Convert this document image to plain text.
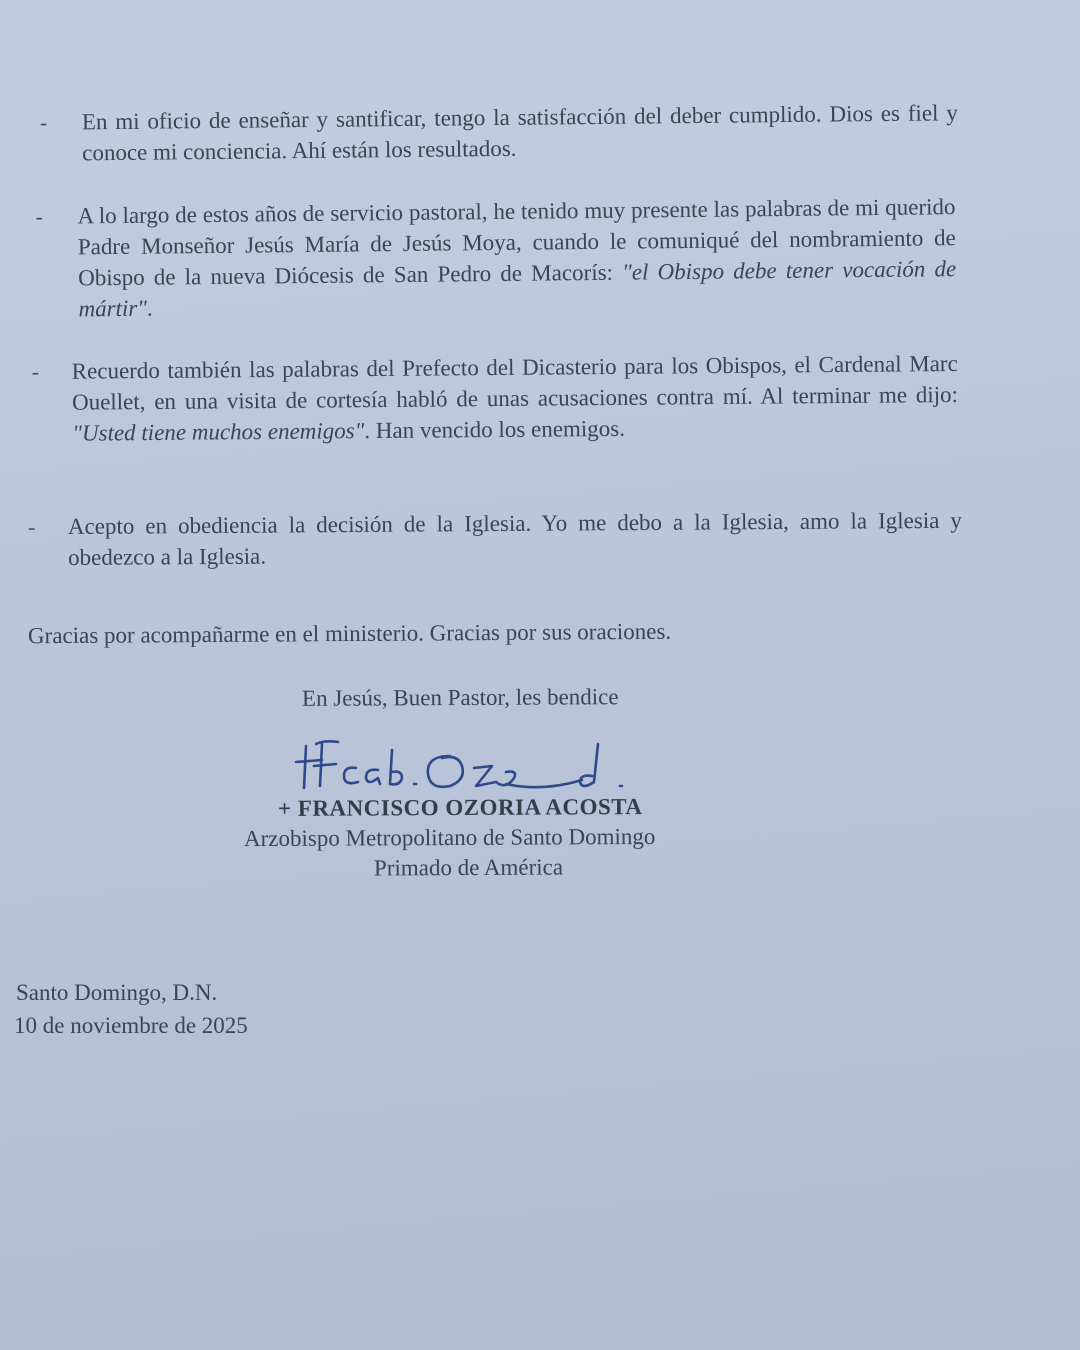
-	En mi oficio de enseñar y santificar, tengo la satisfacción del deber cumplido. Dios es fiel y conoce mi conciencia. Ahí están los resultados.
-	A lo largo de estos años de servicio pastoral, he tenido muy presente las palabras de mi querido Padre Monseñor Jesús María de Jesús Moya, cuando le comuniqué del nombramiento de Obispo de la nueva Diócesis de San Pedro de Macorís: "el Obispo debe tener vocación de mártir".
-	Recuerdo también las palabras del Prefecto del Dicasterio para los Obispos, el Cardenal Marc Ouellet, en una visita de cortesía habló de unas acusaciones contra mí. Al terminar me dijo: "Usted tiene muchos enemigos". Han vencido los enemigos.
-	Acepto en obediencia la decisión de la Iglesia. Yo me debo a la Iglesia, amo la Iglesia y obedezco a la Iglesia.
Gracias por acompañarme en el ministerio. Gracias por sus oraciones.
En Jesús, Buen Pastor, les bendice
+ FRANCISCO OZORIA ACOSTA
Arzobispo Metropolitano de Santo Domingo
Primado de América
Santo Domingo, D.N.
10 de noviembre de 2025
